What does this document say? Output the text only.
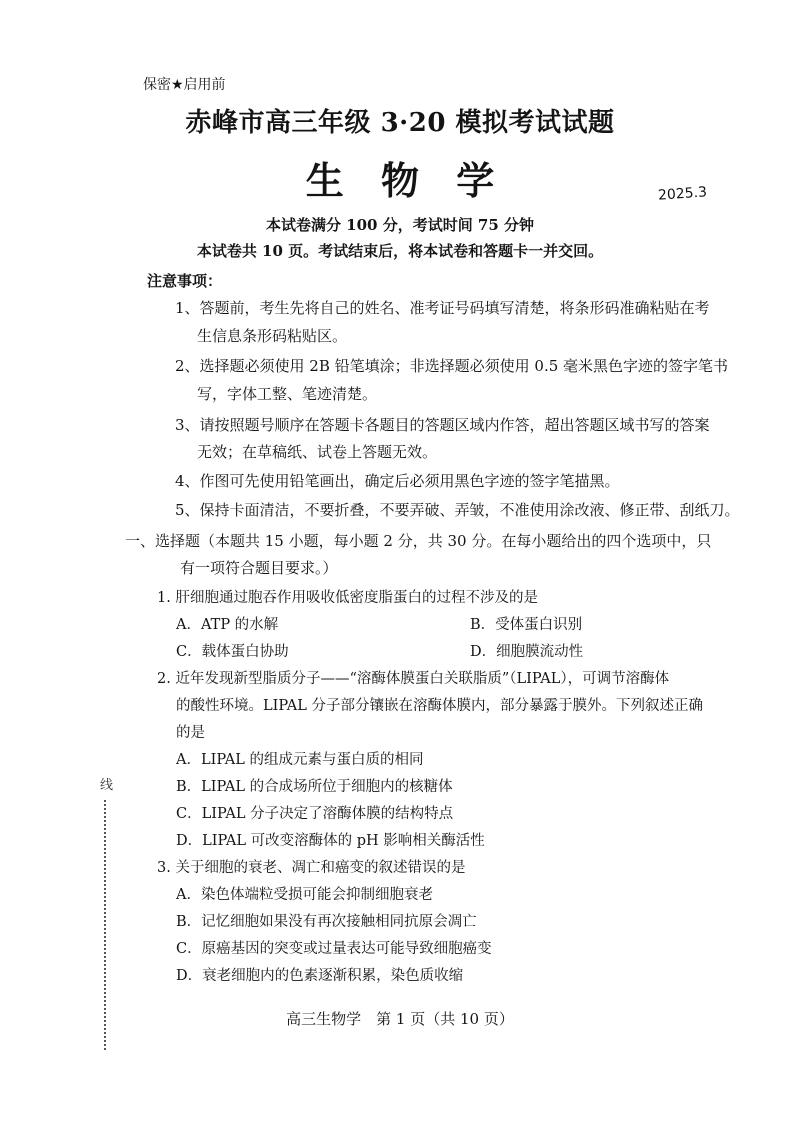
保密★启用前
赤峰市高三年级 3·20 模拟考试试题
生 物 学	2025.3
本试卷满分 100 分，考试时间 75 分钟
本试卷共 10 页。考试结束后，将本试卷和答题卡一并交回。
注意事项：
1、答题前，考生先将自己的姓名、准考证号码填写清楚，将条形码准确粘贴在考
生信息条形码粘贴区。
2、选择题必须使用 2B 铅笔填涂；非选择题必须使用 0.5 毫米黑色字迹的签字笔书
写，字体工整、笔迹清楚。
3、请按照题号顺序在答题卡各题目的答题区域内作答，超出答题区域书写的答案
无效；在草稿纸、试卷上答题无效。
4、作图可先使用铅笔画出，确定后必须用黑色字迹的签字笔描黑。
5、保持卡面清洁，不要折叠，不要弄破、弄皱，不准使用涂改液、修正带、刮纸刀。
一、选择题（本题共 15 小题，每小题 2 分，共 30 分。在每小题给出的四个选项中，只
有一项符合题目要求。）
1. 肝细胞通过胞吞作用吸收低密度脂蛋白的过程不涉及的是
A．ATP 的水解	B．受体蛋白识别
C．载体蛋白协助	D．细胞膜流动性
2. 近年发现新型脂质分子——“溶酶体膜蛋白关联脂质”（LIPAL），可调节溶酶体
的酸性环境。LIPAL 分子部分镶嵌在溶酶体膜内，部分暴露于膜外。下列叙述正确
的是
A．LIPAL 的组成元素与蛋白质的相同
B．LIPAL 的合成场所位于细胞内的核糖体
C．LIPAL 分子决定了溶酶体膜的结构特点
D．LIPAL 可改变溶酶体的 pH 影响相关酶活性
3. 关于细胞的衰老、凋亡和癌变的叙述错误的是
A．染色体端粒受损可能会抑制细胞衰老
B．记忆细胞如果没有再次接触相同抗原会凋亡
C．原癌基因的突变或过量表达可能导致细胞癌变
D．衰老细胞内的色素逐渐积累，染色质收缩
线
高三生物学　第 1 页（共 10 页）
